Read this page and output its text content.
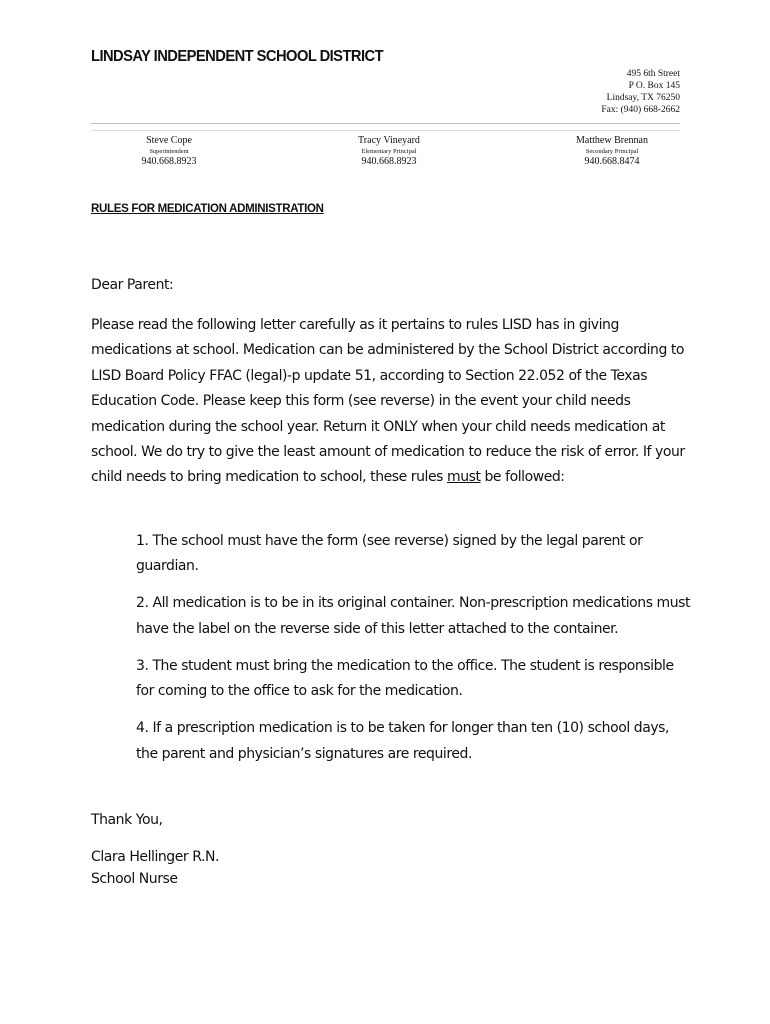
LINDSAY INDEPENDENT SCHOOL DISTRICT
495 6th Street
P O. Box 145
Lindsay, TX 76250
Fax: (940) 668-2662
Steve Cope
Superintendent
940.668.8923
Tracy Vineyard
Elementary Principal
940.668.8923
Matthew Brennan
Secondary Principal
940.668.8474
RULES FOR MEDICATION ADMINISTRATION

Dear Parent:

Please read the following letter carefully as it pertains to rules LISD has in giving medications at school. Medication can be administered by the School District according to LISD Board Policy FFAC (legal)-p update 51, according to Section 22.052 of the Texas Education Code. Please keep this form (see reverse) in the event your child needs medication during the school year. Return it ONLY when your child needs medication at school. We do try to give the least amount of medication to reduce the risk of error. If your child needs to bring medication to school, these rules must be followed:

1. The school must have the form (see reverse) signed by the legal parent or guardian.
2. All medication is to be in its original container. Non-prescription medications must have the label on the reverse side of this letter attached to the container.
3. The student must bring the medication to the office. The student is responsible for coming to the office to ask for the medication.
4. If a prescription medication is to be taken for longer than ten (10) school days, the parent and physician’s signatures are required.

Thank You,

Clara Hellinger R.N.

School Nurse
